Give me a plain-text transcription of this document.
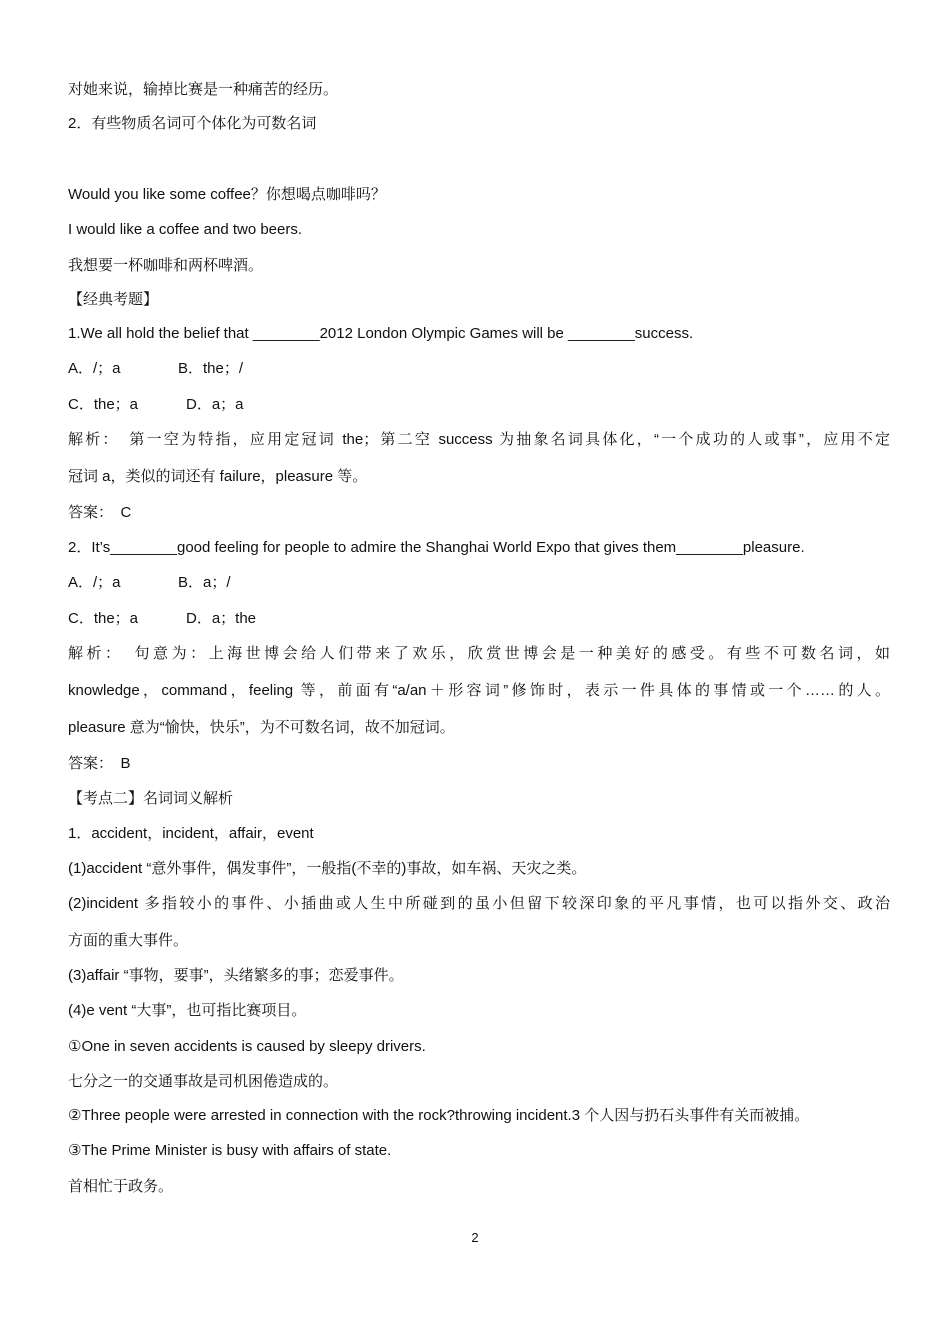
对她来说，输掉比赛是一种痛苦的经历。
2．有些物质名词可个体化为可数名词
Would you like some coffee？你想喝点咖啡吗？
I would like a coffee and two beers.
我想要一杯咖啡和两杯啤酒。
【经典考题】
1.We all hold the belief that ________2012 London Olympic Games will be ________success.
A．/；a	B．the；/
C．the；a	D．a；a
解析：　第一空为特指，应用定冠词 the；第二空 success 为抽象名词具体化，“一个成功的人或事”，应用不定
冠词 a，类似的词还有 failure，pleasure 等。
答案：　C
2．It’s________good feeling for people to admire the Shanghai World Expo that gives them________pleasure.
A．/；a	B．a；/
C．the；a	D．a；the
解析：　句意为：上海世博会给人们带来了欢乐，欣赏世博会是一种美好的感受。有些不可数名词，如
knowledge，command，feeling 等，前面有“a/an＋形容词”修饰时，表示一件具体的事情或一个……的人。
pleasure 意为“愉快，快乐”，为不可数名词，故不加冠词。
答案：　B
【考点二】名词词义解析
1．accident，incident，affair，event
(1)accident “意外事件，偶发事件”，一般指(不幸的)事故，如车祸、天灾之类。
(2)incident 多指较小的事件、小插曲或人生中所碰到的虽小但留下较深印象的平凡事情，也可以指外交、政治
方面的重大事件。
(3)affair “事物，要事”，头绪繁多的事；恋爱事件。
(4)e vent “大事”，也可指比赛项目。
①One in seven accidents is caused by sleepy drivers.
七分之一的交通事故是司机困倦造成的。
②Three people were arrested in connection with the rock?throwing incident.3 个人因与扔石头事件有关而被捕。
③The Prime Minister is busy with affairs of state.
首相忙于政务。
2
